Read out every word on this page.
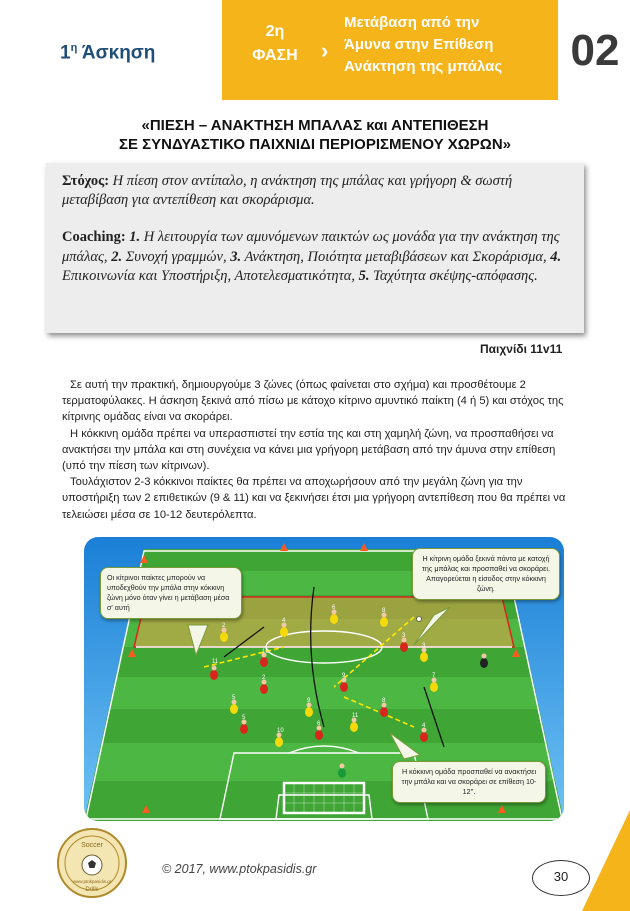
$1^\eta$ Άσκηση
2η
ΦΑΣΗ	›
Μετάβαση από την
Άμυνα στην Επίθεση
Ανάκτηση της μπάλας 02
«ΠΙΕΣΗ – ΑΝΑΚΤΗΣΗ ΜΠΑΛΑΣ και ΑΝΤΕΠΙΘΕΣΗ
ΣΕ ΣΥΝΔΥΑΣΤΙΚΟ ΠΑΙΧΝΙΔΙ ΠΕΡΙΟΡΙΣΜΕΝΟΥ ΧΩΡΩΝ»
Στόχος: Η πίεση στον αντίπαλο, η ανάκτηση της μπάλας και γρήγορη & σωστή μεταβίβαση για αντεπίθεση και σκοράρισμα.
Coaching: 1. Η λειτουργία των αμυνόμενων παικτών ως μονάδα για την ανάκτηση της μπάλας, 2. Συνοχή γραμμών, 3. Ανάκτηση, Ποιότητα μεταβιβάσεων και Σκοράρισμα, 4. Επικοινωνία και Υποστήριξη, Αποτελεσματικότητα, 5. Ταχύτητα σκέψης-απόφασης.
Παιχνίδι 11v11

Σε αυτή την πρακτική, δημιουργούμε 3 ζώνες (όπως φαίνεται στο σχήμα) και προσθέτουμε 2 τερματοφύλακες. Η άσκηση ξεκινά από πίσω με κάτοχο κίτρινο αμυντικό παίκτη (4 ή 5) και στόχος της κίτρινης ομάδας είναι να σκοράρει.

Η κόκκινη ομάδα πρέπει να υπερασπιστεί την εστία της και στη χαμηλή ζώνη, να προσπαθήσει να ανακτήσει την μπάλα και στη συνέχεια να κάνει μια γρήγορη μετάβαση από την άμυνα στην επίθεση (υπό την πίεση των κίτρινων).

Τουλάχιστον 2-3 κόκκινοι παίκτες θα πρέπει να αποχωρήσουν από την μεγάλη ζώνη για την υποστήριξη των 2 επιθετικών (9 & 11) και να ξεκινήσει έτσι μια γρήγορη αντεπίθεση που θα πρέπει να τελειώσει μέσα σε 10-12 δευτερόλεπτα.

11
10
9
8
6
5
4
3
2
5
4
6	8
9
11
7
2
3
10
Οι κίτρινοι παίκτες μπορούν να υποδεχθούν την μπάλα στην κόκκινη ζώνη μόνο όταν γίνει η μετάβαση μέσα σ' αυτή
Η κίτρινη ομάδα ξεκινά πάντα με κατοχή της μπάλας και προσπαθεί να σκοράρει. Απαγορεύεται η είσοδος στην κόκκινη ζώνη.
Η κόκκινη ομάδα προσπαθεί να ανακτήσει την μπάλα και να σκοράρει σε επίθεση 10-12''.
Soccer
www.ptokpasidis.gr
Drills
© 2017, www.ptokpasidis.gr	30
